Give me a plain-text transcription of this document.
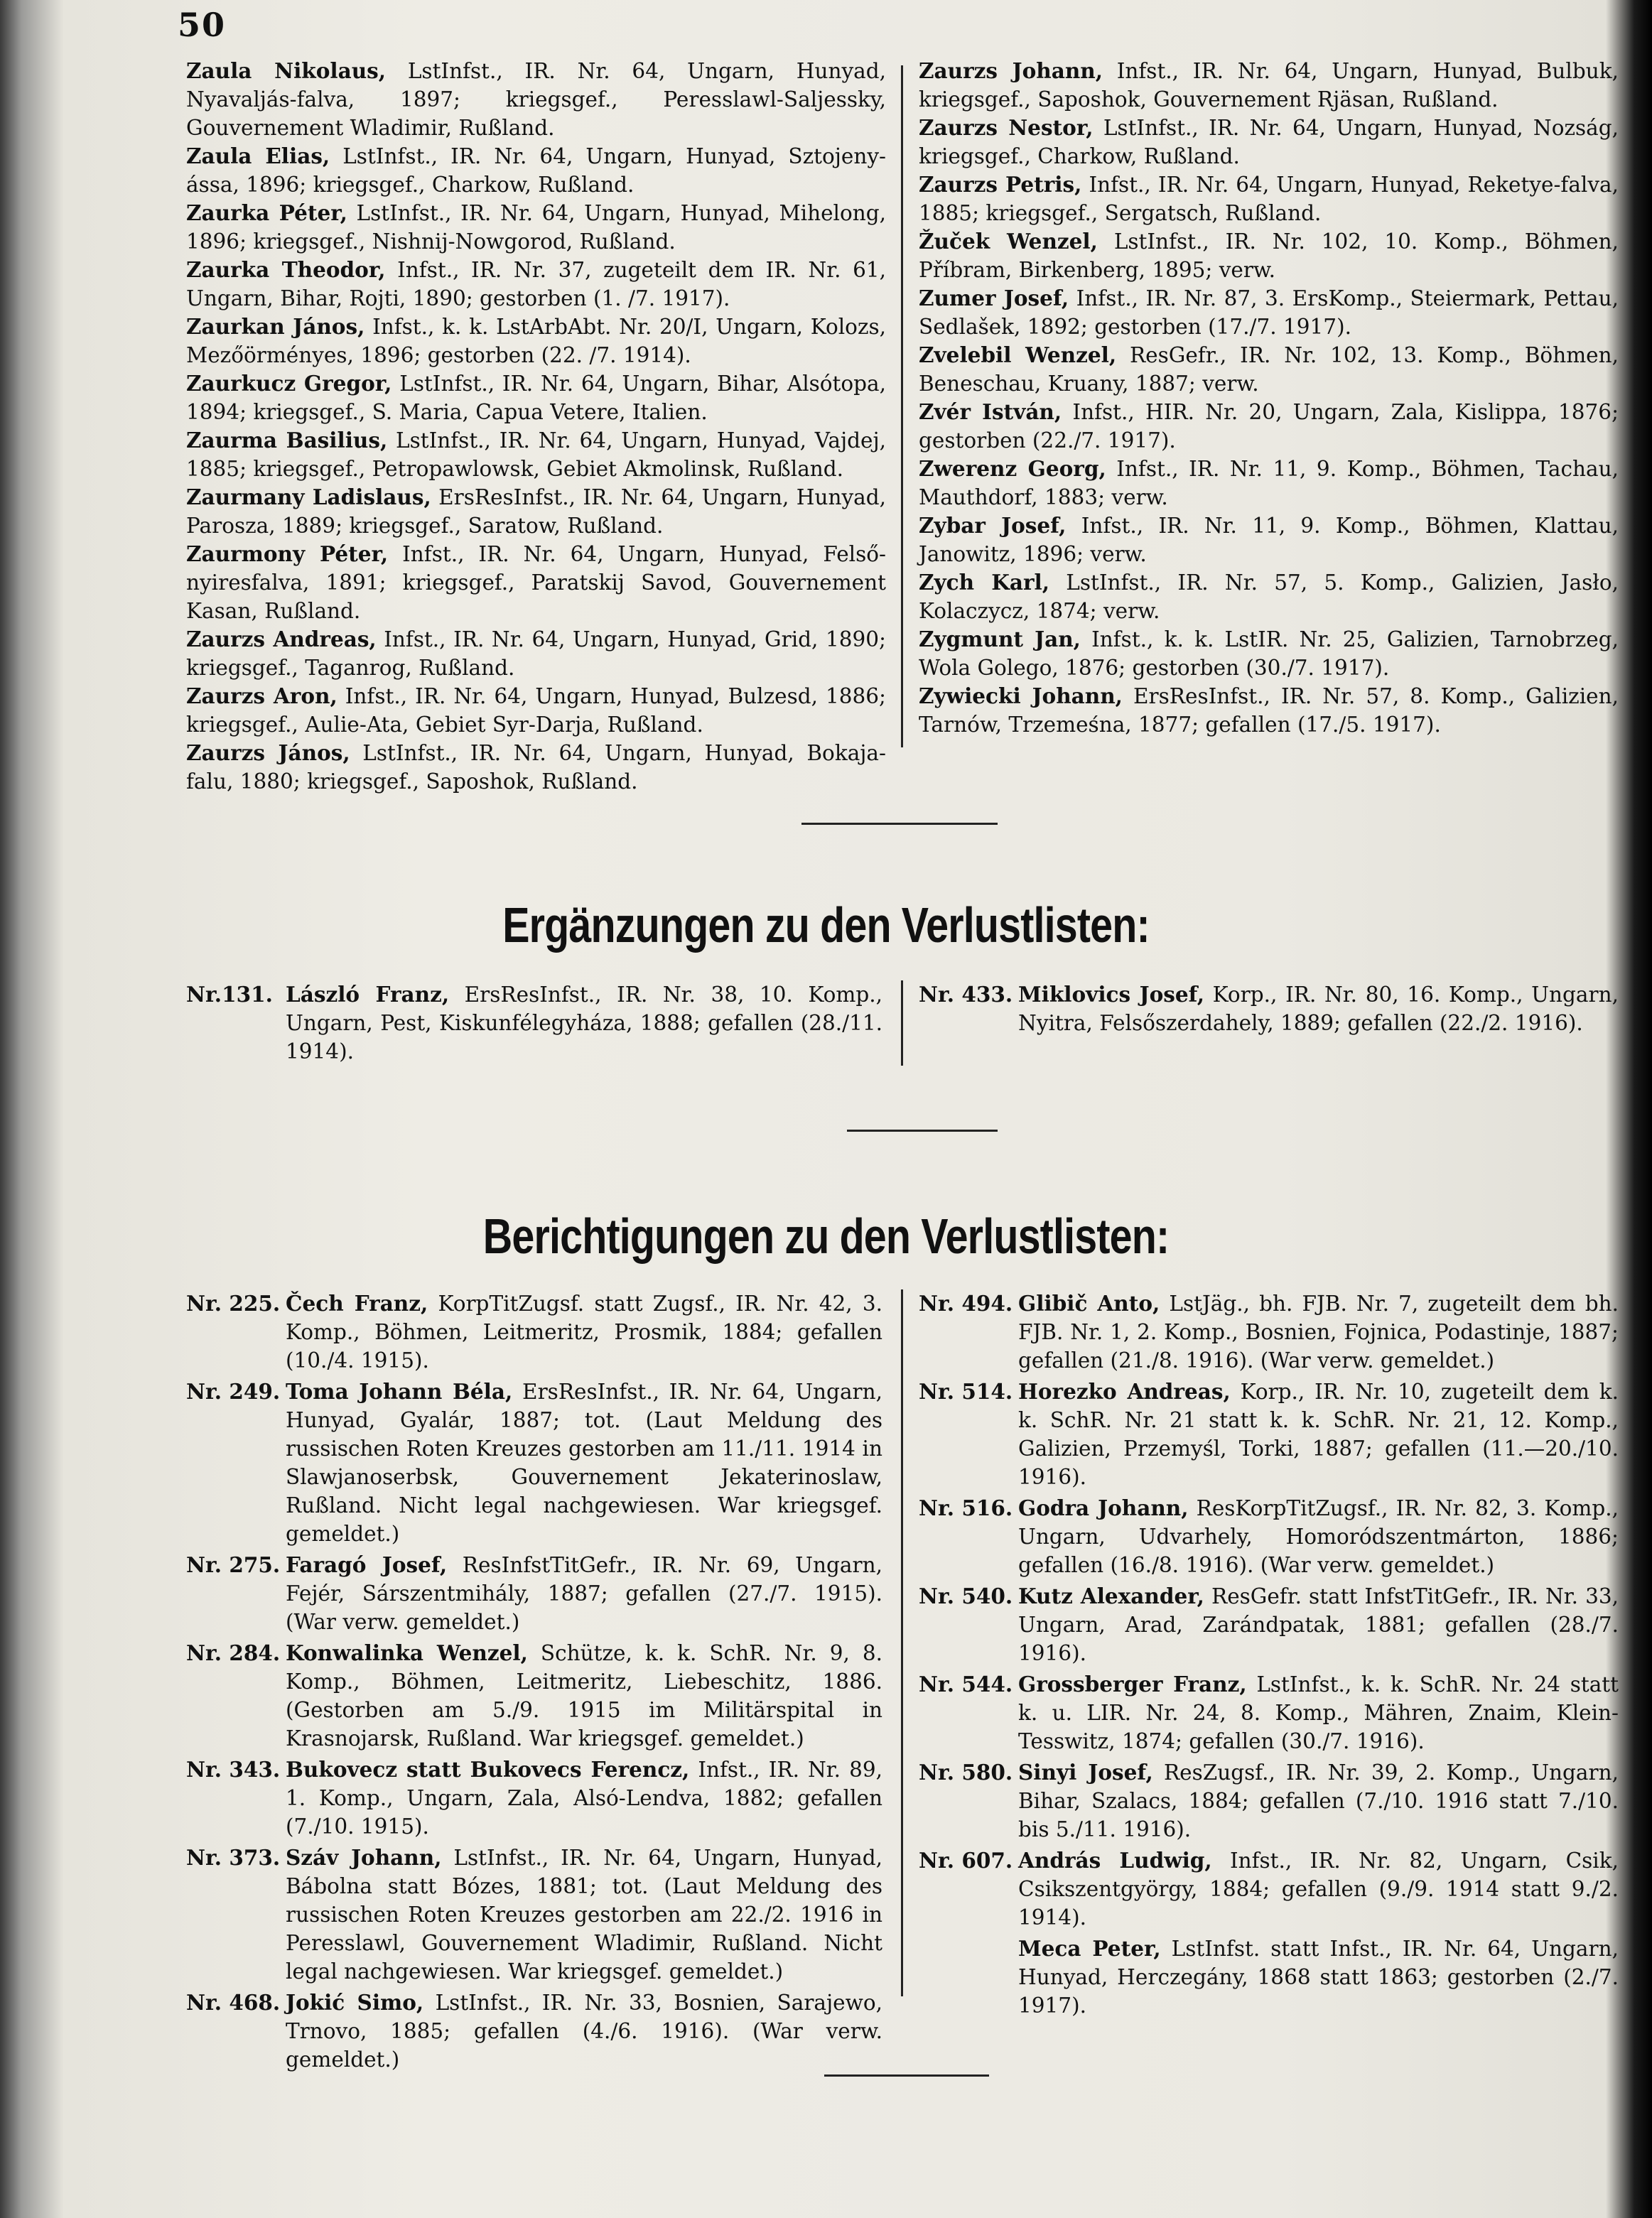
50

Zaula Nikolaus, LstInfst., IR. Nr. 64, Ungarn, Hunyad, Nyavaljás-falva, 1897; kriegsgef., Peresslawl-Saljessky, Gouvernement Wladimir, Rußland.

Zaula Elias, LstInfst., IR. Nr. 64, Ungarn, Hunyad, Sztojeny-ássa, 1896; kriegsgef., Charkow, Rußland.

Zaurka Péter, LstInfst., IR. Nr. 64, Ungarn, Hunyad, Mihelong, 1896; kriegsgef., Nishnij-Nowgorod, Rußland.

Zaurka Theodor, Infst., IR. Nr. 37, zugeteilt dem IR. Nr. 61, Ungarn, Bihar, Rojti, 1890; gestorben (1. /7. 1917).

Zaurkan János, Infst., k. k. LstArbAbt. Nr. 20/I, Ungarn, Kolozs, Mezőörményes, 1896; gestorben (22. /7. 1914).

Zaurkucz Gregor, LstInfst., IR. Nr. 64, Ungarn, Bihar, Alsótopa, 1894; kriegsgef., S. Maria, Capua Vetere, Italien.

Zaurma Basilius, LstInfst., IR. Nr. 64, Ungarn, Hunyad, Vajdej, 1885; kriegsgef., Petropawlowsk, Gebiet Akmolinsk, Rußland.

Zaurmany Ladislaus, ErsResInfst., IR. Nr. 64, Ungarn, Hunyad, Parosza, 1889; kriegsgef., Saratow, Rußland.

Zaurmony Péter, Infst., IR. Nr. 64, Ungarn, Hunyad, Felső-nyiresfalva, 1891; kriegsgef., Paratskij Savod, Gouvernement Kasan, Rußland.

Zaurzs Andreas, Infst., IR. Nr. 64, Ungarn, Hunyad, Grid, 1890; kriegsgef., Taganrog, Rußland.

Zaurzs Aron, Infst., IR. Nr. 64, Ungarn, Hunyad, Bulzesd, 1886; kriegsgef., Aulie-Ata, Gebiet Syr-Darja, Rußland.

Zaurzs János, LstInfst., IR. Nr. 64, Ungarn, Hunyad, Bokaja-falu, 1880; kriegsgef., Saposhok, Rußland.

Zaurzs Johann, Infst., IR. Nr. 64, Ungarn, Hunyad, Bulbuk, kriegsgef., Saposhok, Gouvernement Rjäsan, Rußland.

Zaurzs Nestor, LstInfst., IR. Nr. 64, Ungarn, Hunyad, Nozság, kriegsgef., Charkow, Rußland.

Zaurzs Petris, Infst., IR. Nr. 64, Ungarn, Hunyad, Reketye-falva, 1885; kriegsgef., Sergatsch, Rußland.

Žuček Wenzel, LstInfst., IR. Nr. 102, 10. Komp., Böhmen, Příbram, Birkenberg, 1895; verw.

Zumer Josef, Infst., IR. Nr. 87, 3. ErsKomp., Steiermark, Pettau, Sedlašek, 1892; gestorben (17./7. 1917).

Zvelebil Wenzel, ResGefr., IR. Nr. 102, 13. Komp., Böhmen, Beneschau, Kruany, 1887; verw.

Zvér István, Infst., HIR. Nr. 20, Ungarn, Zala, Kislippa, 1876; gestorben (22./7. 1917).

Zwerenz Georg, Infst., IR. Nr. 11, 9. Komp., Böhmen, Tachau, Mauthdorf, 1883; verw.

Zybar Josef, Infst., IR. Nr. 11, 9. Komp., Böhmen, Klattau, Janowitz, 1896; verw.

Zych Karl, LstInfst., IR. Nr. 57, 5. Komp., Galizien, Jasło, Kolaczycz, 1874; verw.

Zygmunt Jan, Infst., k. k. LstIR. Nr. 25, Galizien, Tarnobrzeg, Wola Golego, 1876; gestorben (30./7. 1917).

Zywiecki Johann, ErsResInfst., IR. Nr. 57, 8. Komp., Galizien, Tarnów, Trzemeśna, 1877; gefallen (17./5. 1917).

Ergänzungen zu den Verlustlisten:

Nr.131. László Franz, ErsResInfst., IR. Nr. 38, 10. Komp., Ungarn, Pest, Kiskunfélegyháza, 1888; gefallen (28./11. 1914).

Nr. 433. Miklovics Josef, Korp., IR. Nr. 80, 16. Komp., Ungarn, Nyitra, Felsőszerdahely, 1889; gefallen (22./2. 1916).

Berichtigungen zu den Verlustlisten:

Nr. 225. Čech Franz, KorpTitZugsf. statt Zugsf., IR. Nr. 42, 3. Komp., Böhmen, Leitmeritz, Prosmik, 1884; gefallen (10./4. 1915).

Nr. 249. Toma Johann Béla, ErsResInfst., IR. Nr. 64, Ungarn, Hunyad, Gyalár, 1887; tot. (Laut Meldung des russischen Roten Kreuzes gestorben am 11./11. 1914 in Slawjanoserbsk, Gouvernement Jekaterinoslaw, Rußland. Nicht legal nachgewiesen. War kriegsgef. gemeldet.)

Nr. 275. Faragó Josef, ResInfstTitGefr., IR. Nr. 69, Ungarn, Fejér, Sárszentmihály, 1887; gefallen (27./7. 1915). (War verw. gemeldet.)

Nr. 284. Konwalinka Wenzel, Schütze, k. k. SchR. Nr. 9, 8. Komp., Böhmen, Leitmeritz, Liebeschitz, 1886. (Gestorben am 5./9. 1915 im Militärspital in Krasnojarsk, Rußland. War kriegsgef. gemeldet.)

Nr. 343. Bukovecz statt Bukovecs Ferencz, Infst., IR. Nr. 89, 1. Komp., Ungarn, Zala, Alsó-Lendva, 1882; gefallen (7./10. 1915).

Nr. 373. Száv Johann, LstInfst., IR. Nr. 64, Ungarn, Hunyad, Bábolna statt Bózes, 1881; tot. (Laut Meldung des russischen Roten Kreuzes gestorben am 22./2. 1916 in Peresslawl, Gouvernement Wladimir, Rußland. Nicht legal nachgewiesen. War kriegsgef. gemeldet.)

Nr. 468. Jokić Simo, LstInfst., IR. Nr. 33, Bosnien, Sarajewo, Trnovo, 1885; gefallen (4./6. 1916). (War verw. gemeldet.)

Nr. 494. Glibič Anto, LstJäg., bh. FJB. Nr. 7, zugeteilt dem bh. FJB. Nr. 1, 2. Komp., Bosnien, Fojnica, Podastinje, 1887; gefallen (21./8. 1916). (War verw. gemeldet.)

Nr. 514. Horezko Andreas, Korp., IR. Nr. 10, zugeteilt dem k. k. SchR. Nr. 21 statt k. k. SchR. Nr. 21, 12. Komp., Galizien, Przemyśl, Torki, 1887; gefallen (11.—20./10. 1916).

Nr. 516. Godra Johann, ResKorpTitZugsf., IR. Nr. 82, 3. Komp., Ungarn, Udvarhely, Homoródszentmárton, 1886; gefallen (16./8. 1916). (War verw. gemeldet.)

Nr. 540. Kutz Alexander, ResGefr. statt InfstTitGefr., IR. Nr. 33, Ungarn, Arad, Zarándpatak, 1881; gefallen (28./7. 1916).

Nr. 544. Grossberger Franz, LstInfst., k. k. SchR. Nr. 24 statt k. u. LIR. Nr. 24, 8. Komp., Mähren, Znaim, Klein-Tesswitz, 1874; gefallen (30./7. 1916).

Nr. 580. Sinyi Josef, ResZugsf., IR. Nr. 39, 2. Komp., Ungarn, Bihar, Szalacs, 1884; gefallen (7./10. 1916 statt 7./10. bis 5./11. 1916).

Nr. 607. András Ludwig, Infst., IR. Nr. 82, Ungarn, Csik, Csikszentgyörgy, 1884; gefallen (9./9. 1914 statt 9./2. 1914).

Meca Peter, LstInfst. statt Infst., IR. Nr. 64, Ungarn, Hunyad, Herczegány, 1868 statt 1863; gestorben (2./7. 1917).
